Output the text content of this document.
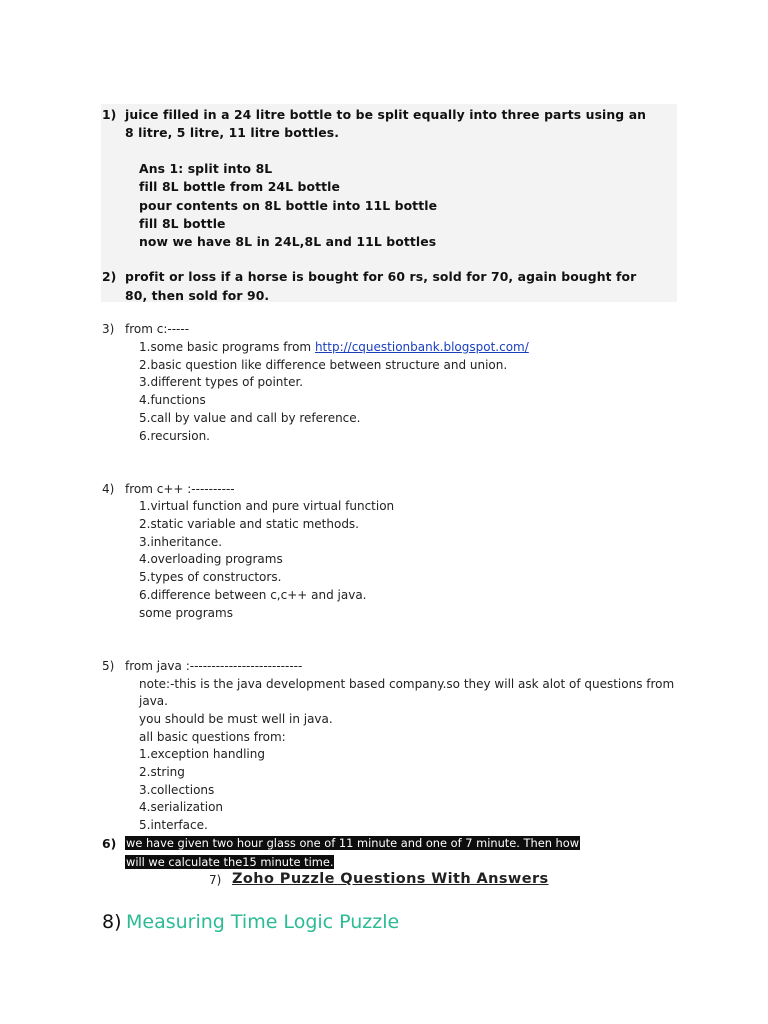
1) juice filled in a 24 litre bottle to be split equally into three parts using an
8 litre, 5 litre, 11 litre bottles.
Ans 1: split into 8L
fill 8L bottle from 24L bottle
pour contents on 8L bottle into 11L bottle
fill 8L bottle
now we have 8L in 24L,8L and 11L bottles
2) profit or loss if a horse is bought for 60 rs, sold for 70, again bought for
80, then sold for 90.
3) from c:-----
1.some basic programs from http://cquestionbank.blogspot.com/
2.basic question like difference between structure and union.
3.different types of pointer.
4.functions
5.call by value and call by reference.
6.recursion.
4) from c++ :----------
1.virtual function and pure virtual function
2.static variable and static methods.
3.inheritance.
4.overloading programs
5.types of constructors.
6.difference between c,c++ and java.
some programs
5) from java :--------------------------
note:-this is the java development based company.so they will ask alot of questions from
java.
you should be must well in java.
all basic questions from:
1.exception handling
2.string
3.collections
4.serialization
5.interface.
6) we have given two hour glass one of 11 minute and one of 7 minute. Then how
will we calculate the15 minute time.
7) Zoho Puzzle Questions With Answers
8) Measuring Time Logic Puzzle
